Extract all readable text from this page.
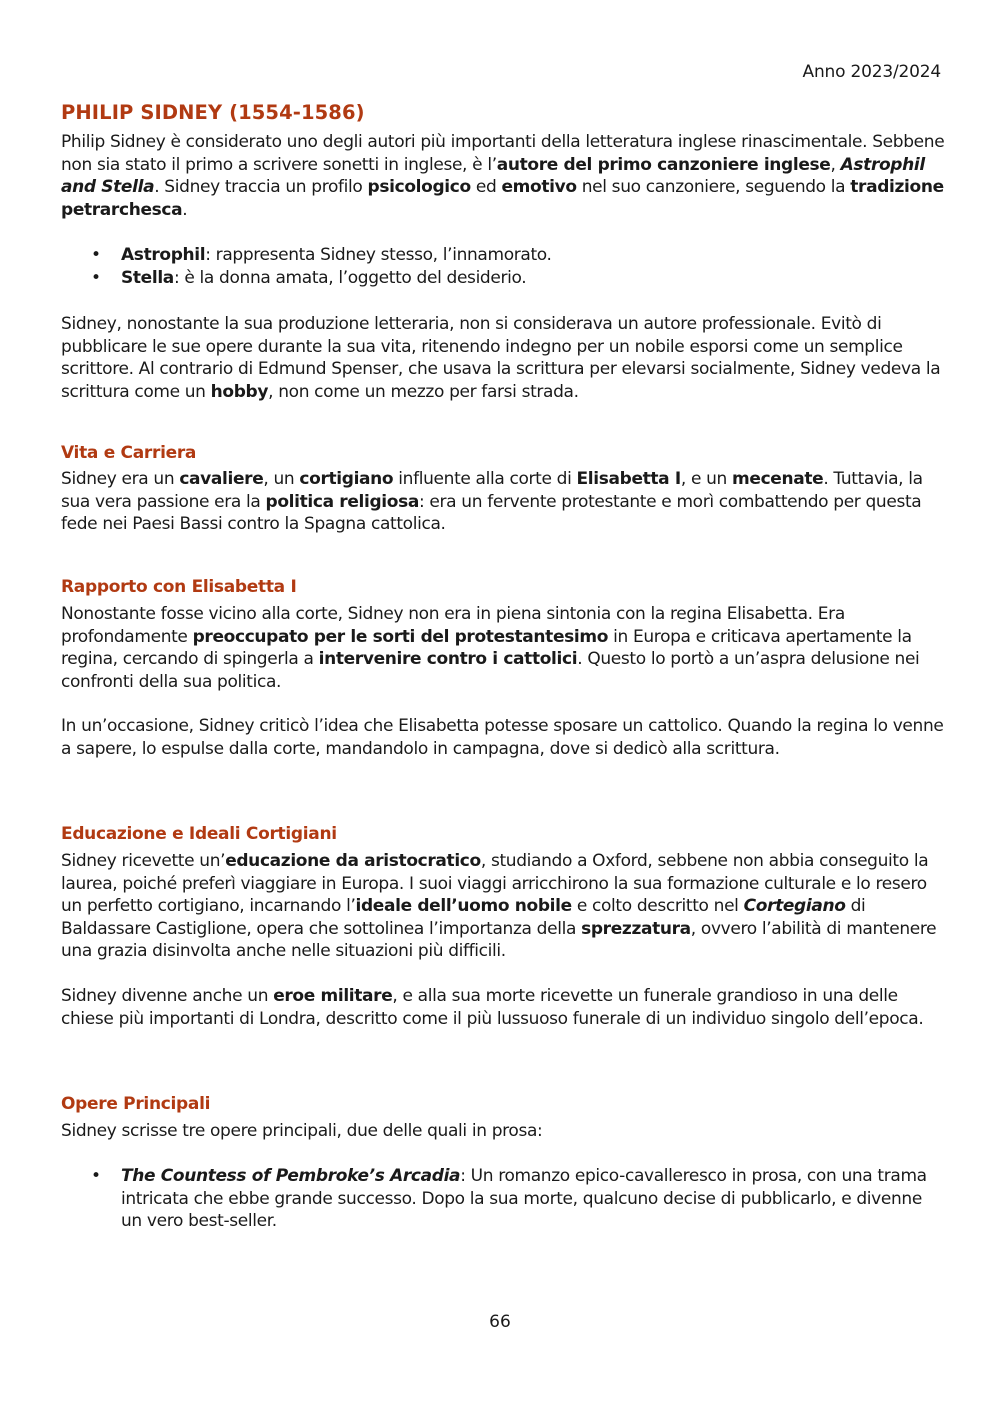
Anno 2023/2024
PHILIP SIDNEY (1554-1586)

Philip Sidney è considerato uno degli autori più importanti della letteratura inglese rinascimentale. Sebbene non sia stato il primo a scrivere sonetti in inglese, è l’autore del primo canzoniere inglese, Astrophil and Stella. Sidney traccia un profilo psicologico ed emotivo nel suo canzoniere, seguendo la tradizione petrarchesca.

• Astrophil: rappresenta Sidney stesso, l’innamorato.
• Stella: è la donna amata, l’oggetto del desiderio.

Sidney, nonostante la sua produzione letteraria, non si considerava un autore professionale. Evitò di pubblicare le sue opere durante la sua vita, ritenendo indegno per un nobile esporsi come un semplice scrittore. Al contrario di Edmund Spenser, che usava la scrittura per elevarsi socialmente, Sidney vedeva la scrittura come un hobby, non come un mezzo per farsi strada.

Vita e Carriera

Sidney era un cavaliere, un cortigiano influente alla corte di Elisabetta I, e un mecenate. Tuttavia, la sua vera passione era la politica religiosa: era un fervente protestante e morì combattendo per questa fede nei Paesi Bassi contro la Spagna cattolica.

Rapporto con Elisabetta I

Nonostante fosse vicino alla corte, Sidney non era in piena sintonia con la regina Elisabetta. Era profondamente preoccupato per le sorti del protestantesimo in Europa e criticava apertamente la regina, cercando di spingerla a intervenire contro i cattolici. Questo lo portò a un’aspra delusione nei confronti della sua politica.

In un’occasione, Sidney criticò l’idea che Elisabetta potesse sposare un cattolico. Quando la regina lo venne a sapere, lo espulse dalla corte, mandandolo in campagna, dove si dedicò alla scrittura.

Educazione e Ideali Cortigiani

Sidney ricevette un’educazione da aristocratico, studiando a Oxford, sebbene non abbia conseguito la laurea, poiché preferì viaggiare in Europa. I suoi viaggi arricchirono la sua formazione culturale e lo resero un perfetto cortigiano, incarnando l’ideale dell’uomo nobile e colto descritto nel Cortegiano di Baldassare Castiglione, opera che sottolinea l’importanza della sprezzatura, ovvero l’abilità di mantenere una grazia disinvolta anche nelle situazioni più difficili.

Sidney divenne anche un eroe militare, e alla sua morte ricevette un funerale grandioso in una delle chiese più importanti di Londra, descritto come il più lussuoso funerale di un individuo singolo dell’epoca.

Opere Principali

Sidney scrisse tre opere principali, due delle quali in prosa:

• The Countess of Pembroke’s Arcadia: Un romanzo epico-cavalleresco in prosa, con una trama intricata che ebbe grande successo. Dopo la sua morte, qualcuno decise di pubblicarlo, e divenne un vero best-seller.
66
